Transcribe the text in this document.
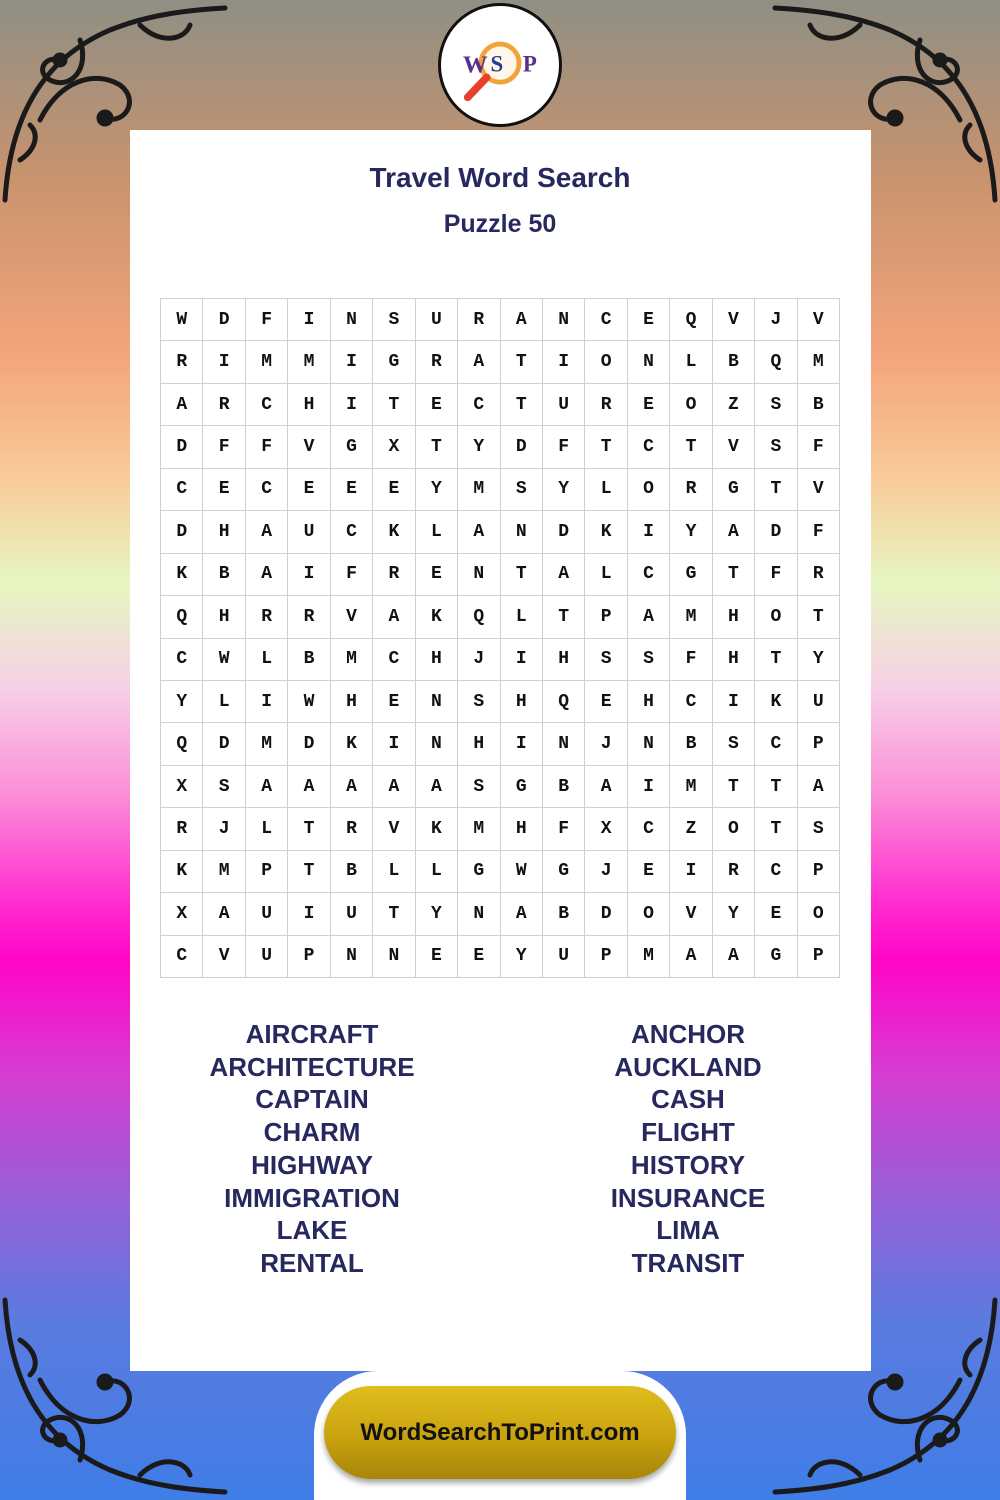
W S P
Travel Word Search
Puzzle 50
W	D	F	I	N	S	U	R	A	N	C	E	Q	V	J	V
R	I	M	M	I	G	R	A	T	I	O	N	L	B	Q	M
A	R	C	H	I	T	E	C	T	U	R	E	O	Z	S	B
D	F	F	V	G	X	T	Y	D	F	T	C	T	V	S	F
C	E	C	E	E	E	Y	M	S	Y	L	O	R	G	T	V
D	H	A	U	C	K	L	A	N	D	K	I	Y	A	D	F
K	B	A	I	F	R	E	N	T	A	L	C	G	T	F	R
Q	H	R	R	V	A	K	Q	L	T	P	A	M	H	O	T
C	W	L	B	M	C	H	J	I	H	S	S	F	H	T	Y
Y	L	I	W	H	E	N	S	H	Q	E	H	C	I	K	U
Q	D	M	D	K	I	N	H	I	N	J	N	B	S	C	P
X	S	A	A	A	A	A	S	G	B	A	I	M	T	T	A
R	J	L	T	R	V	K	M	H	F	X	C	Z	O	T	S
K	M	P	T	B	L	L	G	W	G	J	E	I	R	C	P
X	A	U	I	U	T	Y	N	A	B	D	O	V	Y	E	O
C	V	U	P	N	N	E	E	Y	U	P	M	A	A	G	P
AIRCRAFT
ARCHITECTURE
CAPTAIN
CHARM
HIGHWAY
IMMIGRATION
LAKE
RENTAL
ANCHOR
AUCKLAND
CASH
FLIGHT
HISTORY
INSURANCE
LIMA
TRANSIT
WordSearchToPrint.com
